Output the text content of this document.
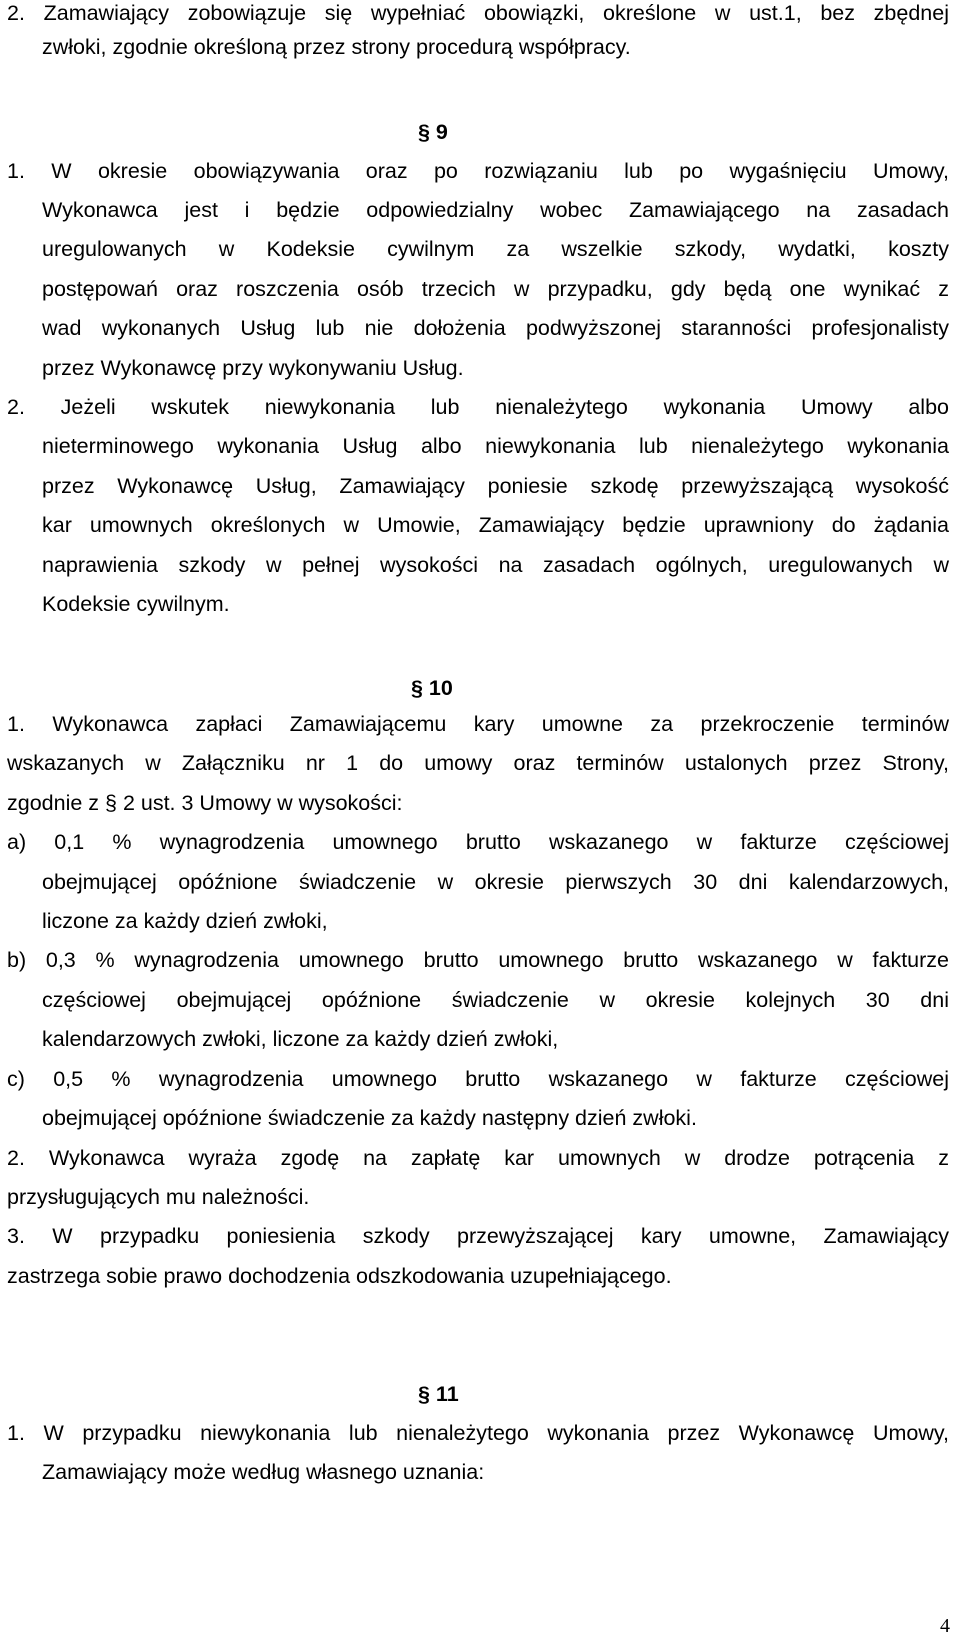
2. Zamawiający zobowiązuje się wypełniać obowiązki, określone w ust.1, bez zbędnej
zwłoki, zgodnie określoną przez strony procedurą współpracy.
§ 9
1. W okresie obowiązywania oraz po rozwiązaniu lub po wygaśnięciu Umowy,
Wykonawca jest i będzie odpowiedzialny wobec Zamawiającego na zasadach
uregulowanych w Kodeksie cywilnym za wszelkie szkody, wydatki, koszty
postępowań oraz roszczenia osób trzecich w przypadku, gdy będą one wynikać z
wad wykonanych Usług lub nie dołożenia podwyższonej staranności profesjonalisty
przez Wykonawcę przy wykonywaniu Usług.
2. Jeżeli wskutek niewykonania lub nienależytego wykonania Umowy albo
nieterminowego wykonania Usług albo niewykonania lub nienależytego wykonania
przez Wykonawcę Usług, Zamawiający poniesie szkodę przewyższającą wysokość
kar umownych określonych w Umowie, Zamawiający będzie uprawniony do żądania
naprawienia szkody w pełnej wysokości na zasadach ogólnych, uregulowanych w
Kodeksie cywilnym.
§ 10
1. Wykonawca zapłaci Zamawiającemu kary umowne za przekroczenie terminów
wskazanych w Załączniku nr 1 do umowy oraz terminów ustalonych przez Strony,
zgodnie z § 2 ust. 3 Umowy w wysokości:
a) 0,1 % wynagrodzenia umownego brutto wskazanego w fakturze częściowej
obejmującej opóźnione świadczenie w okresie pierwszych 30 dni kalendarzowych,
liczone za każdy dzień zwłoki,
b) 0,3 % wynagrodzenia umownego brutto umownego brutto wskazanego w fakturze
częściowej obejmującej opóźnione świadczenie w okresie kolejnych 30 dni
kalendarzowych zwłoki, liczone za każdy dzień zwłoki,
c) 0,5 % wynagrodzenia umownego brutto wskazanego w fakturze częściowej
obejmującej opóźnione świadczenie za każdy następny dzień zwłoki.
2. Wykonawca wyraża zgodę na zapłatę kar umownych w drodze potrącenia z
przysługujących mu należności.
3. W przypadku poniesienia szkody przewyższającej kary umowne, Zamawiający
zastrzega sobie prawo dochodzenia odszkodowania uzupełniającego.
§ 11
1. W przypadku niewykonania lub nienależytego wykonania przez Wykonawcę Umowy,
Zamawiający może według własnego uznania:
4
